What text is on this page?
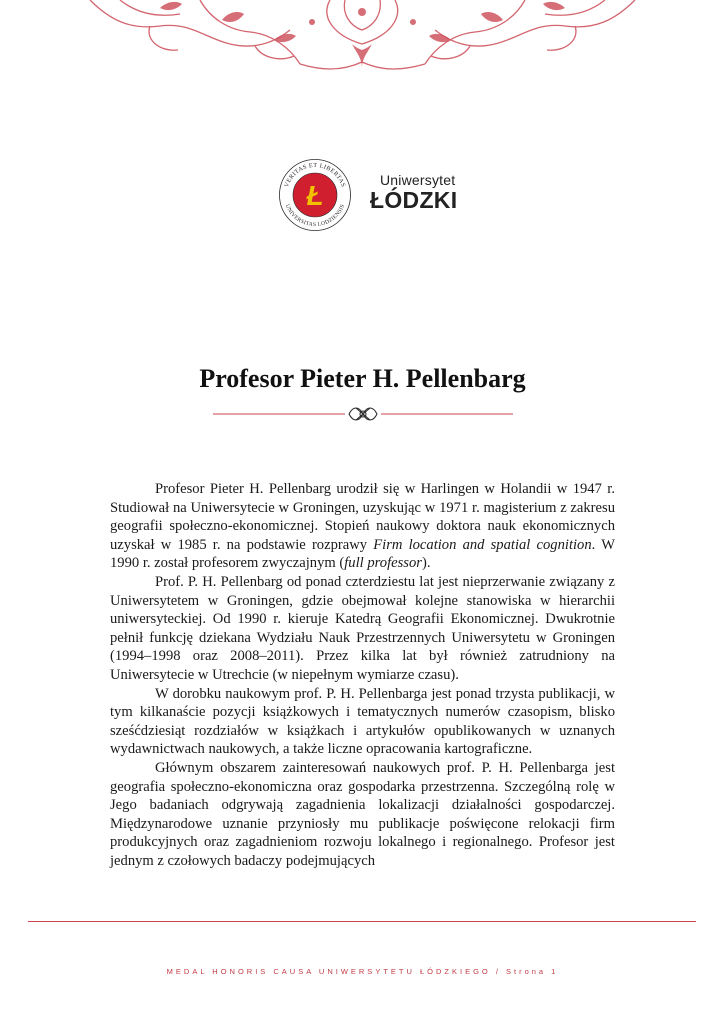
VERITAS ET LIBERTAS
UNIVERSITAS LODZIENSIS
Ł	Uniwersytet
ŁÓDZKI
Profesor Pieter H. Pellenbarg

Profesor Pieter H. Pellenbarg urodził się w Harlingen w Holandii w 1947 r. Studiował na Uniwersytecie w Groningen, uzyskując w 1971 r. magisterium z zakresu geografii społeczno-ekonomicznej. Stopień naukowy doktora nauk ekonomicznych uzyskał w 1985 r. na podstawie rozprawy Firm location and spatial cognition. W 1990 r. został profesorem zwyczajnym (full professor).

Prof. P. H. Pellenbarg od ponad czterdziestu lat jest nieprzerwanie związany z Uniwersytetem w Groningen, gdzie obejmował kolejne stanowiska w hierarchii uniwersyteckiej. Od 1990 r. kieruje Katedrą Geografii Ekonomicznej. Dwukrotnie pełnił funkcję dziekana Wydziału Nauk Przestrzennych Uniwersytetu w Groningen (1994–1998 oraz 2008–2011). Przez kilka lat był również zatrudniony na Uniwersytecie w Utrechcie (w niepełnym wymiarze czasu).

W dorobku naukowym prof. P. H. Pellenbarga jest ponad trzysta publikacji, w tym kilkanaście pozycji książkowych i tematycznych numerów czasopism, blisko sześćdziesiąt rozdziałów w książkach i artykułów opublikowanych w uznanych wydawnictwach naukowych, a także liczne opracowania kartograficzne.

Głównym obszarem zainteresowań naukowych prof. P. H. Pellenbarga jest geografia społeczno-ekonomiczna oraz gospodarka przestrzenna. Szczególną rolę w Jego badaniach odgrywają zagadnienia lokalizacji działalności gospodarczej. Międzynarodowe uznanie przyniosły mu publikacje poświęcone relokacji firm produkcyjnych oraz zagadnieniom rozwoju lokalnego i regionalnego. Profesor jest jednym z czołowych badaczy podejmujących

MEDAL HONORIS CAUSA UNIWERSYTETU ŁÓDZKIEGO / Strona 1
